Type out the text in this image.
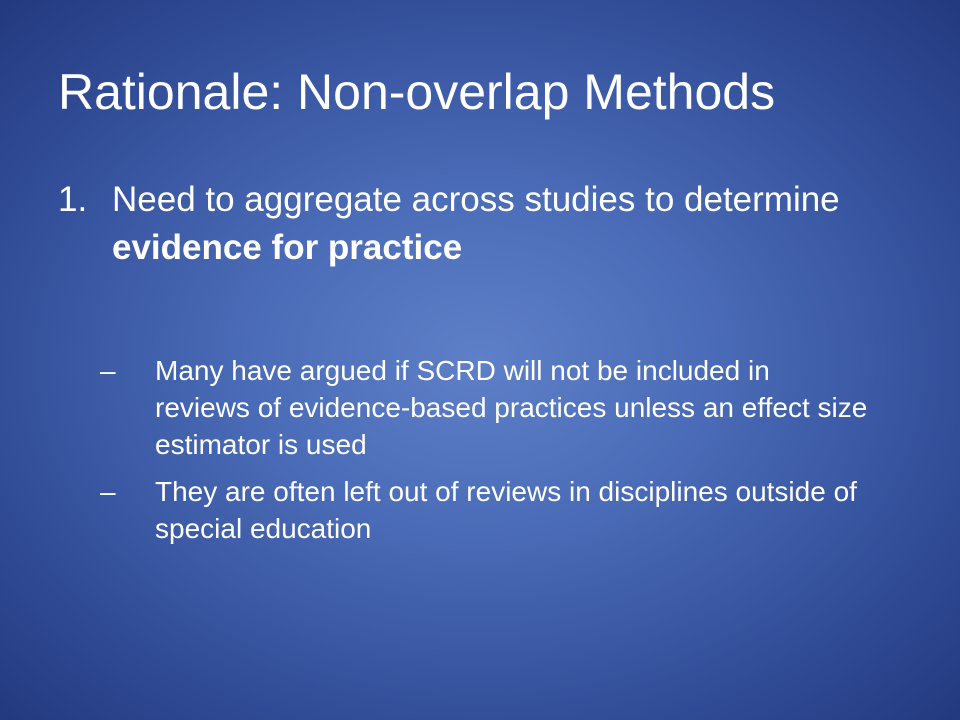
Rationale: Non-overlap Methods
1. Need to aggregate across studies to determine evidence for practice
– Many have argued if SCRD will not be included in reviews of evidence-based practices unless an effect size estimator is used
– They are often left out of reviews in disciplines outside of special education
